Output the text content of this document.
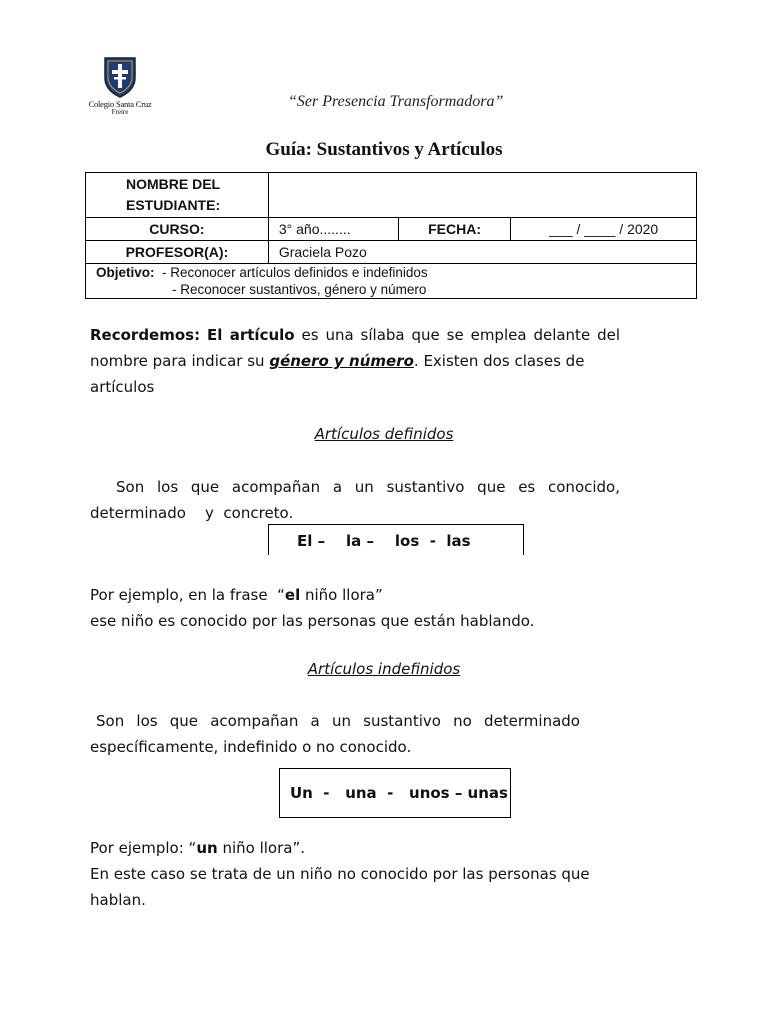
Colegio Santa Cruz
Freire
“Ser Presencia Transformadora”
Guía: Sustantivos y Artículos
NOMBRE DEL ESTUDIANTE:			
CURSO:	3° año........	FECHA:	___ / ____ / 2020
PROFESOR(A):	Graciela Pozo		

Objetivo: - Reconocer artículos definidos e indefinidos
- Reconocer sustantivos, género y número			
Recordemos: El artículo es una sílaba que se emplea delante del
nombre para indicar su género y número. Existen dos clases de
artículos
Artículos definidos
Son los que acompañan a un sustantivo que es conocido,
determinado    y  concreto.
El –    la –    los  -  las
Por ejemplo, en la frase  “el niño llora”
ese niño es conocido por las personas que están hablando.
Artículos indefinidos
Son los que acompañan a un sustantivo no determinado
específicamente, indefinido o no conocido.
Un  -   una  -   unos – unas
Por ejemplo: “un niño llora”.
En este caso se trata de un niño no conocido por las personas que
hablan.
